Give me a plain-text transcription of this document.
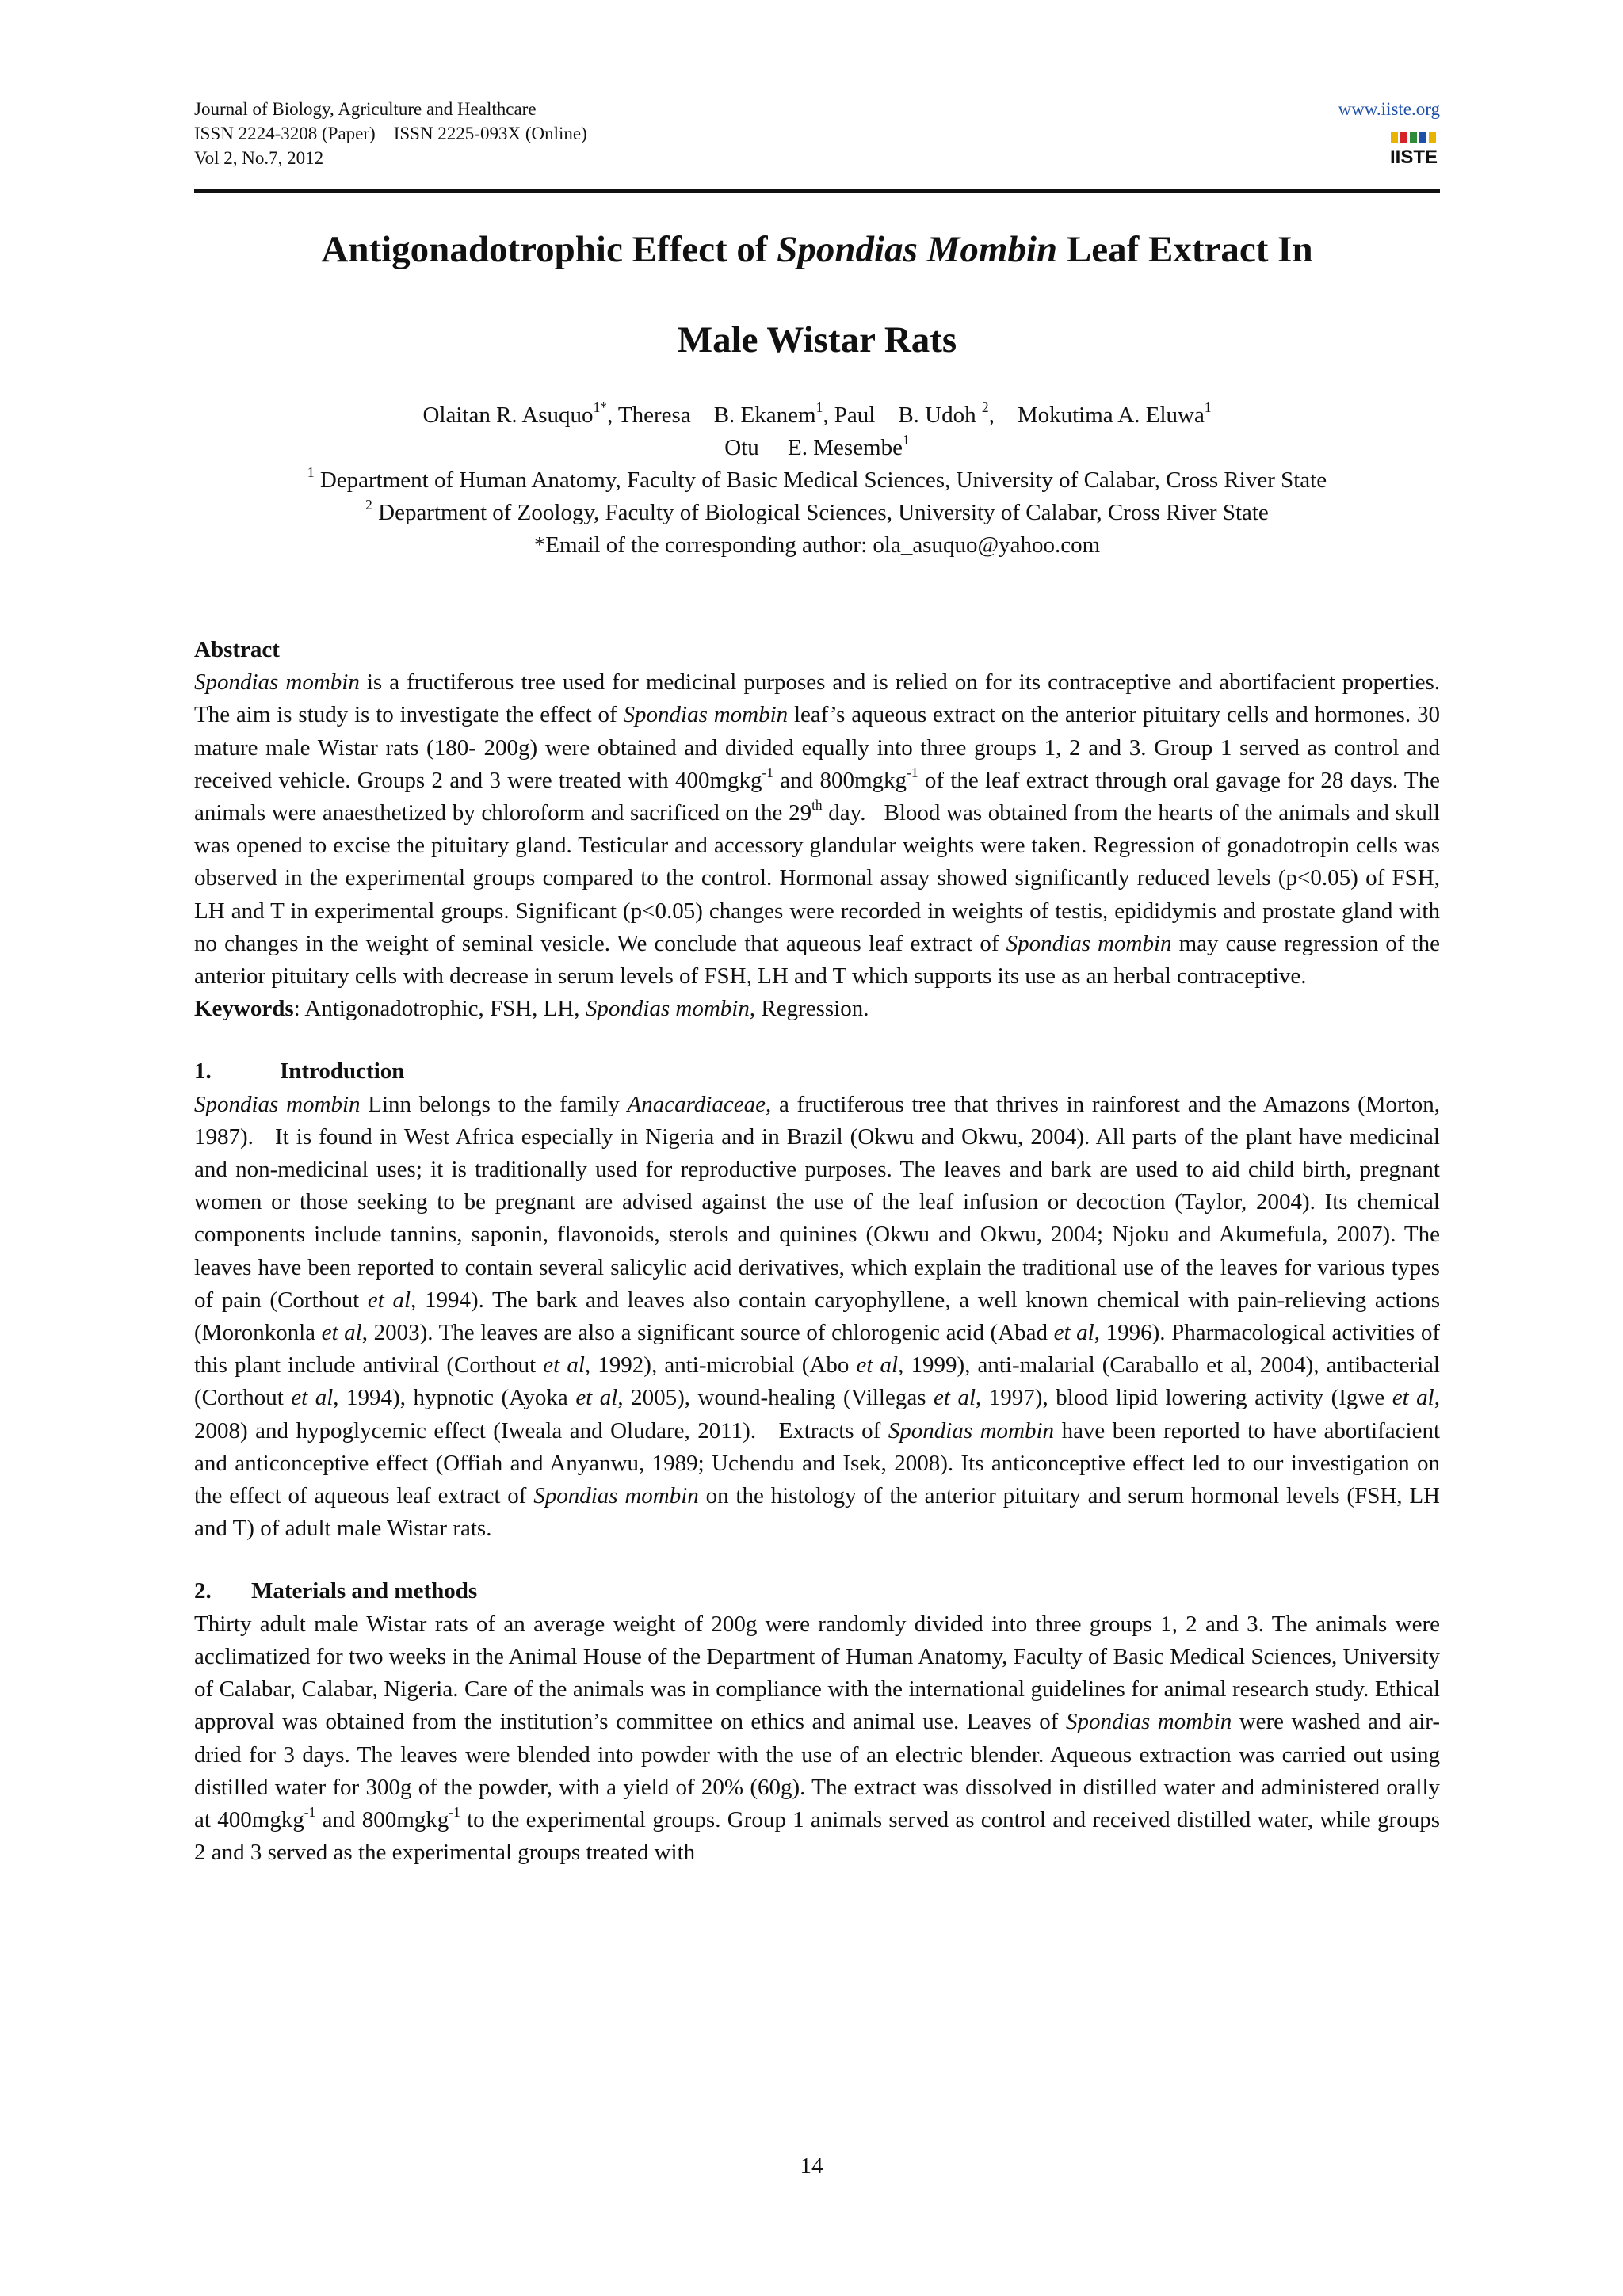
Journal of Biology, Agriculture and Healthcare
ISSN 2224-3208 (Paper)    ISSN 2225-093X (Online)
Vol 2, No.7, 2012
www.iiste.org
IISTE
Antigonadotrophic Effect of Spondias Mombin Leaf Extract In
Male Wistar Rats
Olaitan R. Asuquo$^{1*}$, Theresa    B. Ekanem$^1$, Paul    B. Udoh $^2$,    Mokutima A. Eluwa$^1$
Otu     E. Mesembe$^1$
$^1$ Department of Human Anatomy, Faculty of Basic Medical Sciences, University of Calabar, Cross River State
$^2$ Department of Zoology, Faculty of Biological Sciences, University of Calabar, Cross River State
*Email of the corresponding author: ola_asuquo@yahoo.com

Abstract

Spondias mombin is a fructiferous tree used for medicinal purposes and is relied on for its contraceptive and abortifacient properties. The aim is study is to investigate the effect of Spondias mombin leaf’s aqueous extract on the anterior pituitary cells and hormones. 30 mature male Wistar rats (180- 200g) were obtained and divided equally into three groups 1, 2 and 3. Group 1 served as control and received vehicle. Groups 2 and 3 were treated with 400mgkg$^{-1}$ and 800mgkg$^{-1}$ of the leaf extract through oral gavage for 28 days. The animals were anaesthetized by chloroform and sacrificed on the 29th day.   Blood was obtained from the hearts of the animals and skull was opened to excise the pituitary gland. Testicular and accessory glandular weights were taken. Regression of gonadotropin cells was observed in the experimental groups compared to the control. Hormonal assay showed significantly reduced levels (p<0.05) of FSH, LH and T in experimental groups. Significant (p<0.05) changes were recorded in weights of testis, epididymis and prostate gland with no changes in the weight of seminal vesicle. We conclude that aqueous leaf extract of Spondias mombin may cause regression of the anterior pituitary cells with decrease in serum levels of FSH, LH and T which supports its use as an herbal contraceptive.

Keywords: Antigonadotrophic, FSH, LH, Spondias mombin, Regression.

1.	Introduction

Spondias mombin Linn belongs to the family Anacardiaceae, a fructiferous tree that thrives in rainforest and the Amazons (Morton, 1987).   It is found in West Africa especially in Nigeria and in Brazil (Okwu and Okwu, 2004). All parts of the plant have medicinal and non-medicinal uses; it is traditionally used for reproductive purposes. The leaves and bark are used to aid child birth, pregnant women or those seeking to be pregnant are advised against the use of the leaf infusion or decoction (Taylor, 2004). Its chemical components include tannins, saponin, flavonoids, sterols and quinines (Okwu and Okwu, 2004; Njoku and Akumefula, 2007). The leaves have been reported to contain several salicylic acid derivatives, which explain the traditional use of the leaves for various types of pain (Corthout et al, 1994). The bark and leaves also contain caryophyllene, a well known chemical with pain-relieving actions (Moronkonla et al, 2003). The leaves are also a significant source of chlorogenic acid (Abad et al, 1996). Pharmacological activities of this plant include antiviral (Corthout et al, 1992), anti-microbial (Abo et al, 1999), anti-malarial (Caraballo et al, 2004), antibacterial (Corthout et al, 1994), hypnotic (Ayoka et al, 2005), wound-healing (Villegas et al, 1997), blood lipid lowering activity (Igwe et al, 2008) and hypoglycemic effect (Iweala and Oludare, 2011).   Extracts of Spondias mombin have been reported to have abortifacient and anticonceptive effect (Offiah and Anyanwu, 1989; Uchendu and Isek, 2008). Its anticonceptive effect led to our investigation on the effect of aqueous leaf extract of Spondias mombin on the histology of the anterior pituitary and serum hormonal levels (FSH, LH and T) of adult male Wistar rats.

2. Materials and methods

Thirty adult male Wistar rats of an average weight of 200g were randomly divided into three groups 1, 2 and 3. The animals were acclimatized for two weeks in the Animal House of the Department of Human Anatomy, Faculty of Basic Medical Sciences, University of Calabar, Calabar, Nigeria. Care of the animals was in compliance with the international guidelines for animal research study. Ethical approval was obtained from the institution’s committee on ethics and animal use. Leaves of Spondias mombin were washed and air-dried for 3 days. The leaves were blended into powder with the use of an electric blender. Aqueous extraction was carried out using distilled water for 300g of the powder, with a yield of 20% (60g). The extract was dissolved in distilled water and administered orally at 400mgkg$^{-1}$ and 800mgkg$^{-1}$ to the experimental groups. Group 1 animals served as control and received distilled water, while groups 2 and 3 served as the experimental groups treated with

14
